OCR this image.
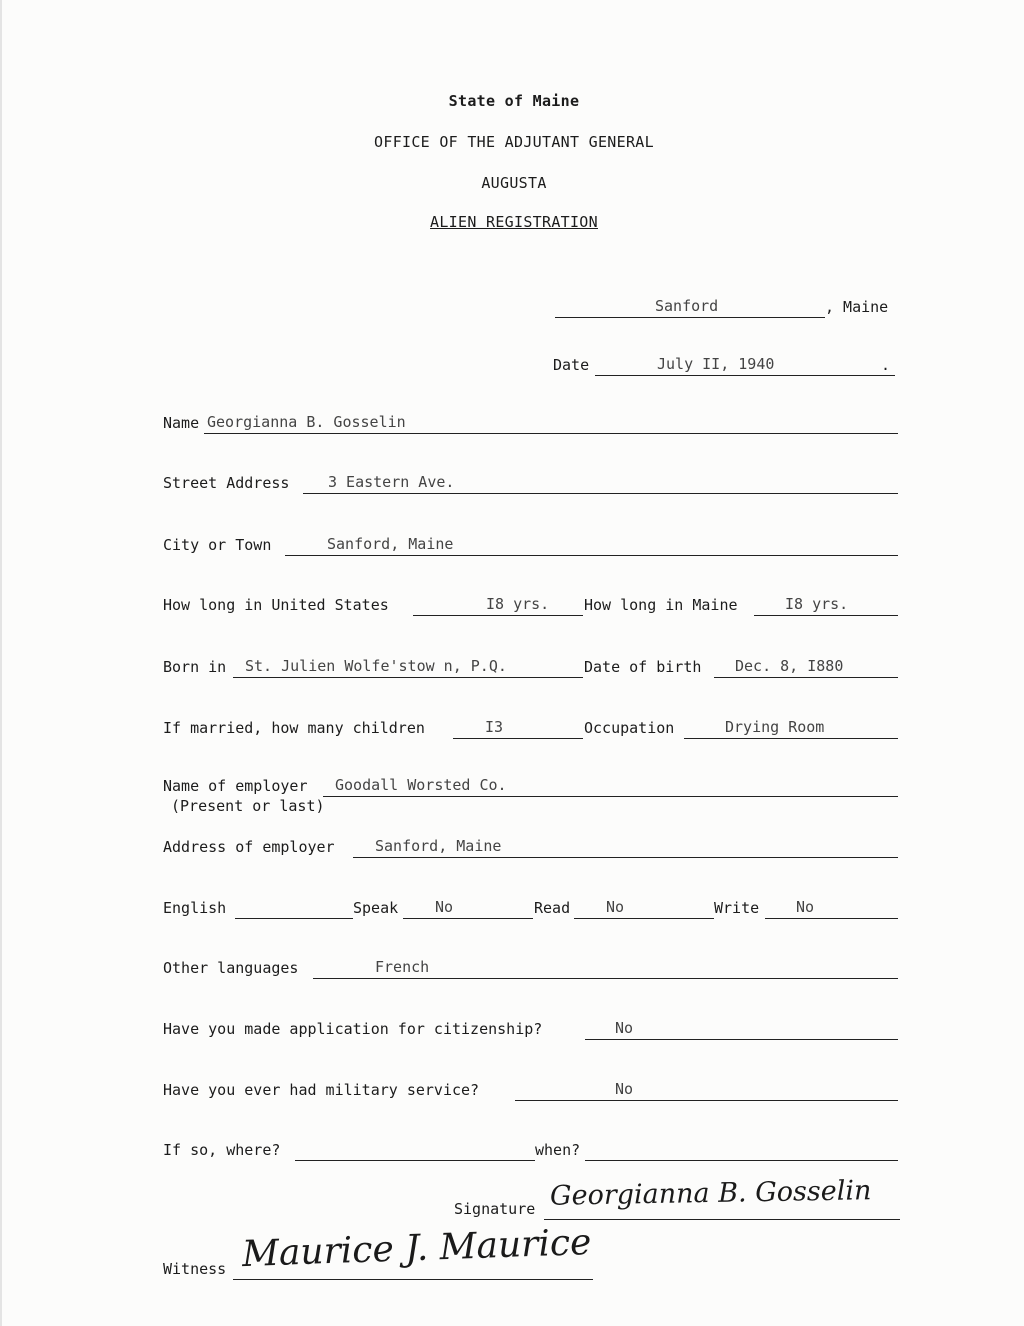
State of Maine
OFFICE OF THE ADJUTANT GENERAL
AUGUSTA
ALIEN REGISTRATION
Sanford	, Maine
Date	July II, 1940	.
Name Georgianna B. Gosselin
Street Address	3 Eastern Ave.
City or Town	Sanford, Maine
How long in United States	I8 yrs. How long in Maine	I8 yrs.
Born in St. Julien Wolfe'stow n, P.Q.	Date of birth Dec. 8, I880
If married, how many children	I3	Occupation	Drying Room
Name of employer Goodall Worsted Co.
(Present or last)
Address of employer	Sanford, Maine
English	Speak No	Read No	Write No
Other languages	French
Have you made application for citizenship?	No
Have you ever had military service?	No
If so, where?	when?
Signature Georgianna B. Gosselin
Witness Maurice J. Maurice
